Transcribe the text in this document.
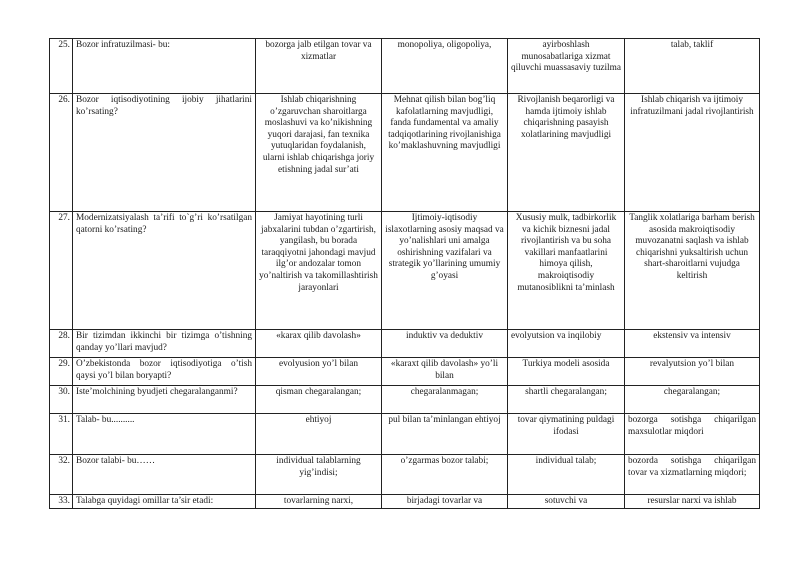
25.	Bozor infratuzilmasi- bu:	bozorga jalb etilgan tovar va xizmatlar	monopoliya, oligopoliya,	ayirboshlash munosabatlariga xizmat qiluvchi muassasaviy tuzilma	talab, taklif
26.	Bozor iqtisodiyotining ijobiy jihatlarini ko’rsating?	Ishlab chiqarishning o’zgaruvchan sharoitlarga moslashuvi va ko’nikishning yuqori darajasi, fan texnika yutuqlaridan foydalanish, ularni ishlab chiqarishga joriy etishning jadal sur’ati	Mehnat qilish bilan bog’liq kafolatlarning mavjudligi, fanda fundamental va amaliy tadqiqotlarining rivojlanishiga ko’maklashuvning mavjudligi	Rivojlanish beqarorligi va hamda ijtimoiy ishlab chiqarishning pasayish xolatlarining mavjudligi	Ishlab chiqarish va ijtimoiy infratuzilmani jadal rivojlantirish
27.	Modernizatsiyalash ta’rifi to`g’ri ko’rsatilgan qatorni ko’rsating?	Jamiyat hayotining turli jabxalarini tubdan o’zgartirish, yangilash, bu borada taraqqiyotni jahondagi mavjud ilg’or andozalar tomon yo’naltirish va takomillashtirish jarayonlari	Ijtimoiy-iqtisodiy islaxotlarning asosiy maqsad va yo’nalishlari uni amalga oshirishning vazifalari va strategik yo’llarining umumiy g’oyasi	Xususiy mulk, tadbirkorlik va kichik biznesni jadal rivojlantirish va bu soha vakillari manfaatlarini himoya qilish, makroiqtisodiy mutanosiblikni ta’minlash	Tanglik xolatlariga barham berish asosida makroiqtisodiy muvozanatni saqlash va ishlab chiqarishni yuksaltirish uchun shart-sharoitlarni vujudga keltirish
28.	Bir tizimdan ikkinchi bir tizimga o’tishning qanday yo’llari mavjud?	«karax qilib davolash»	induktiv va deduktiv	evolyutsion va inqilobiy	ekstensiv va intensiv
29.	O’zbekistonda bozor iqtisodiyotiga o’tish qaysi yo’l bilan boryapti?	evolyusion yo’l bilan	«karaxt qilib davolash» yo’li bilan	Turkiya modeli asosida	revalyutsion yo’l bilan
30.	Iste’molchining byudjeti chegaralanganmi?	qisman chegaralangan;	chegaralanmagan;	shartli chegaralangan;	chegaralangan;
31.	Talab- bu..........	ehtiyoj	pul bilan ta’minlangan ehtiyoj	tovar qiymatining puldagi ifodasi	bozorga sotishga chiqarilgan maxsulotlar miqdori
32.	Bozor talabi- bu……	individual talablarning yig’indisi;	o’zgarmas bozor talabi;	individual talab;	bozorda sotishga chiqarilgan tovar va xizmatlarning miqdori;
33.	Talabga quyidagi omillar ta’sir etadi:	tovarlarning narxi,	birjadagi tovarlar va	sotuvchi va	resurslar narxi va ishlab
